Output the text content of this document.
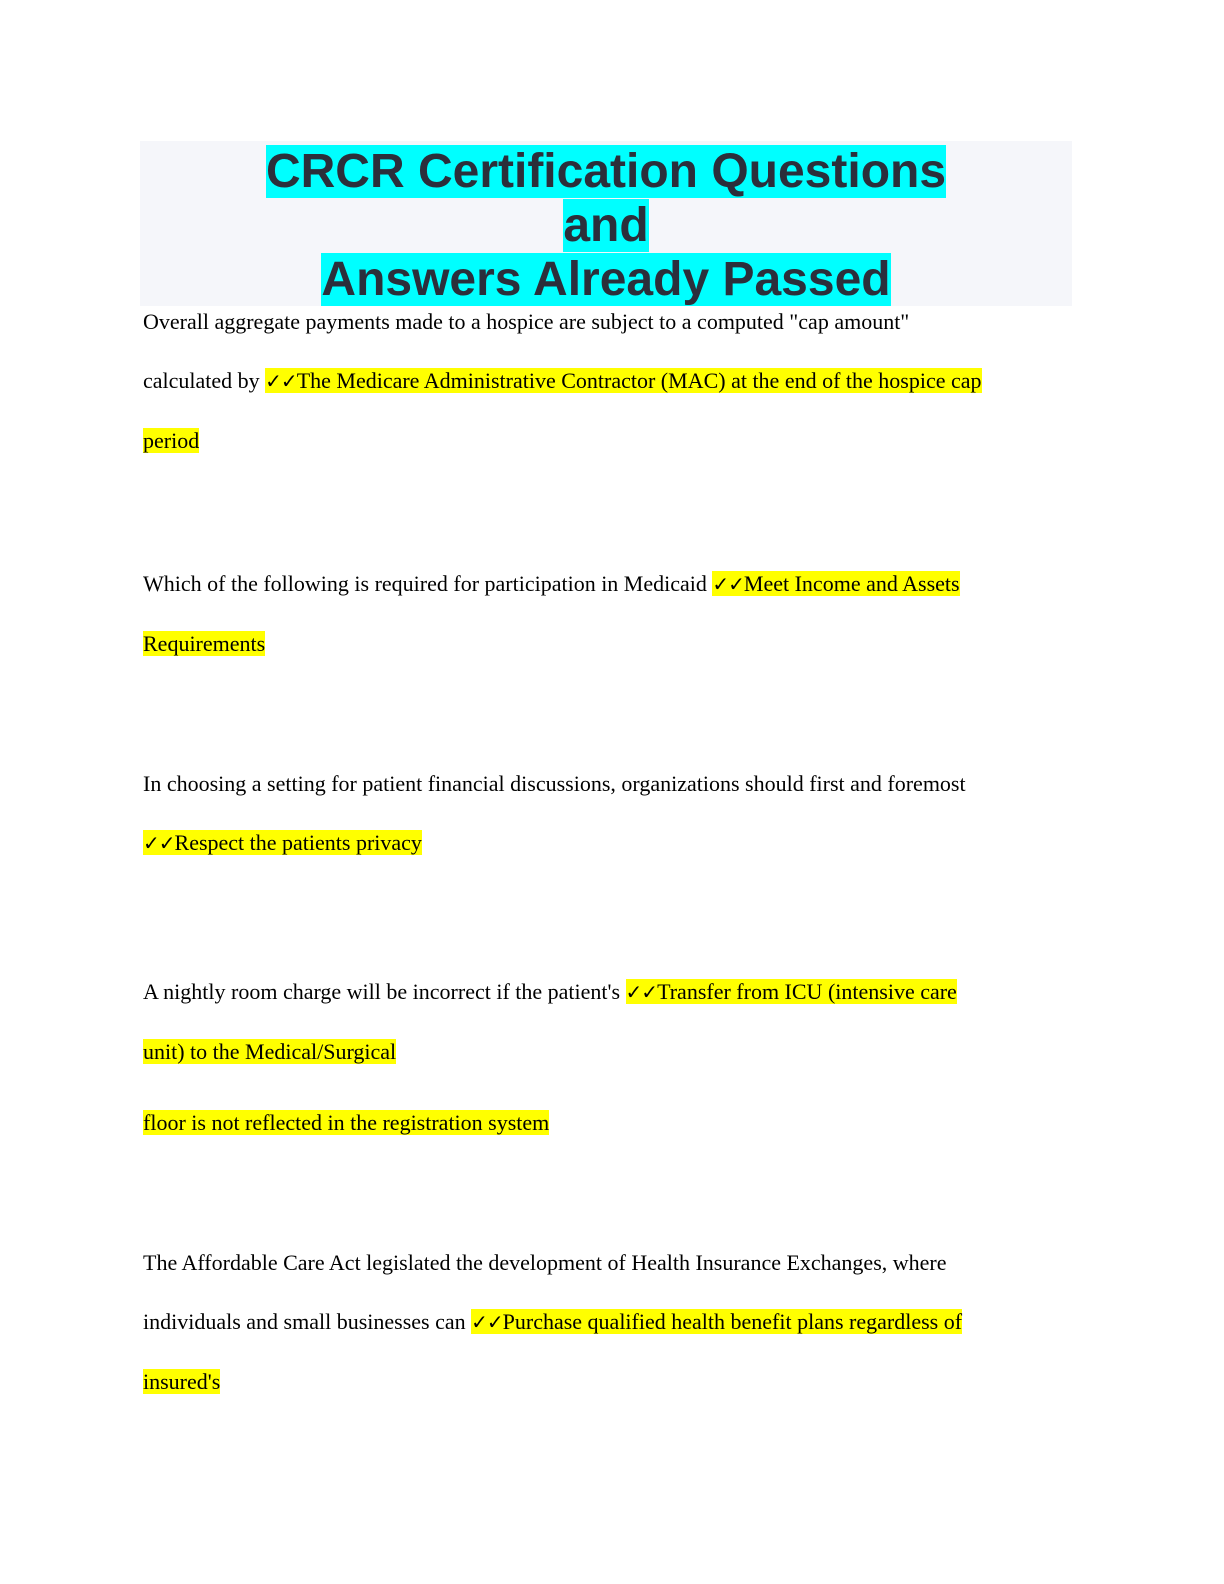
CRCR Certification Questions and
Answers Already Passed
Overall aggregate payments made to a hospice are subject to a computed "cap amount"
calculated by ✓✓The Medicare Administrative Contractor (MAC) at the end of the hospice cap
period
Which of the following is required for participation in Medicaid ✓✓Meet Income and Assets
Requirements
In choosing a setting for patient financial discussions, organizations should first and foremost
✓✓Respect the patients privacy
A nightly room charge will be incorrect if the patient's ✓✓Transfer from ICU (intensive care
unit) to the Medical/Surgical
floor is not reflected in the registration system
The Affordable Care Act legislated the development of Health Insurance Exchanges, where
individuals and small businesses can ✓✓Purchase qualified health benefit plans regardless of
insured's
